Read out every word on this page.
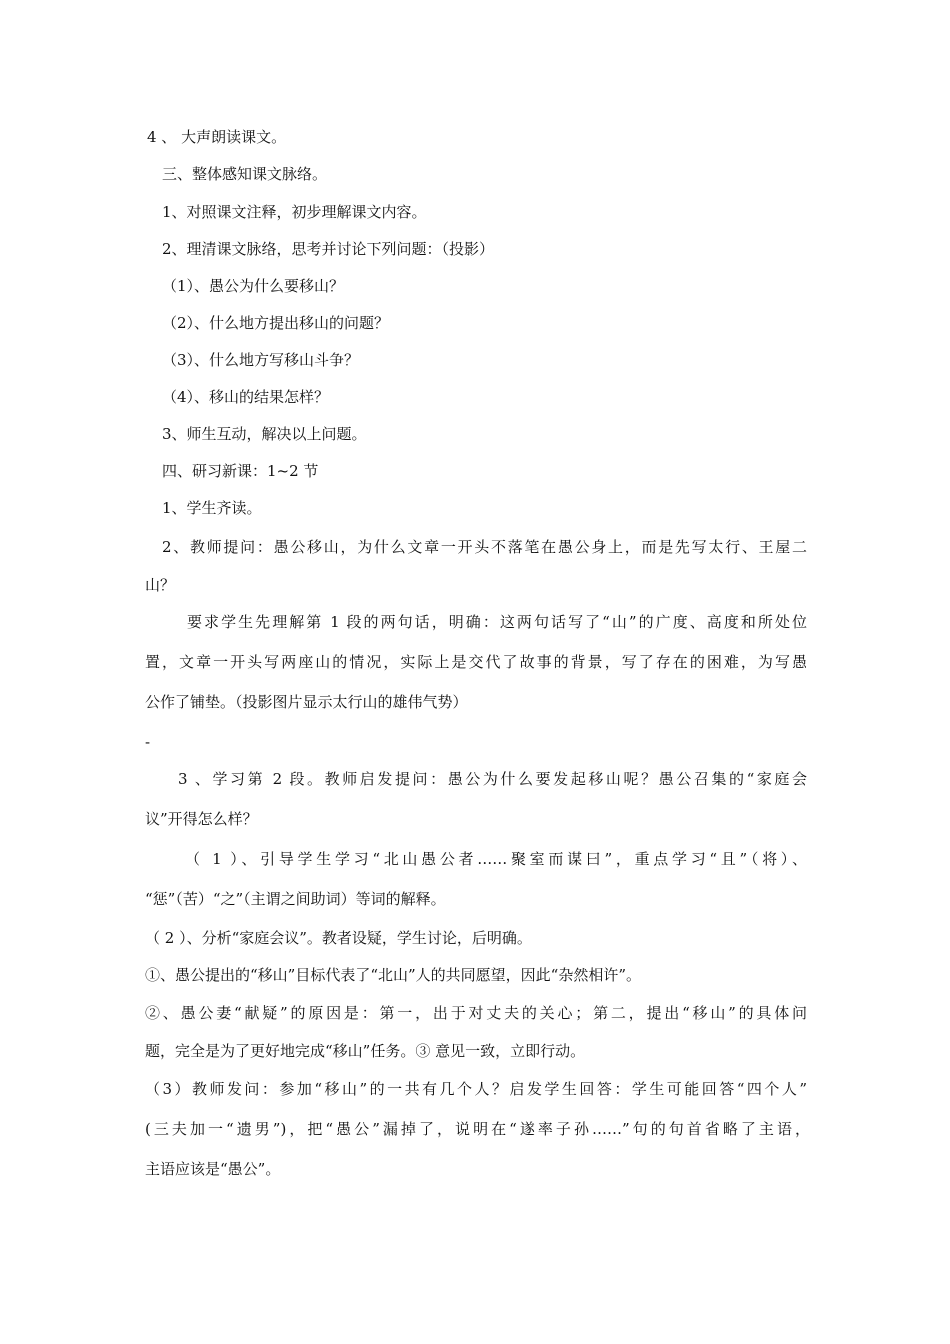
4 、 大声朗读课文。
三、整体感知课文脉络。
1、对照课文注释，初步理解课文内容。
2、理清课文脉络，思考并讨论下列问题：（投影）
（1）、愚公为什么要移山？
（2）、什么地方提出移山的问题？
（3）、什么地方写移山斗争？
（4）、移山的结果怎样？
3、师生互动，解决以上问题。
四、研习新课：1~2 节
1、学生齐读。
2、教师提问：愚公移山，为什么文章一开头不落笔在愚公身上，而是先写太行、王屋二
山？
要求学生先理解第 1 段的两句话，明确：这两句话写了“山”的广度、高度和所处位
置，文章一开头写两座山的情况，实际上是交代了故事的背景，写了存在的困难，为写愚
公作了铺垫。（投影图片显示太行山的雄伟气势）
-
3 、学习第 2 段。教师启发提问：愚公为什么要发起移山呢？愚公召集的“家庭会
议”开得怎么样？
（ 1 ）、引导学生学习“北山愚公者……聚室而谋曰”，重点学习“且”（将）、
“惩”（苦）“之”（主谓之间助词）等词的解释。
（ 2 ）、分析“家庭会议”。教者设疑，学生讨论，后明确。
①、愚公提出的“移山”目标代表了“北山”人的共同愿望，因此“杂然相许”。
②、愚公妻“献疑”的原因是：第一，出于对丈夫的关心；第二，提出“移山”的具体问
题，完全是为了更好地完成“移山”任务。③ 意见一致，立即行动。
（3）教师发问：参加“移山”的一共有几个人？启发学生回答：学生可能回答“四个人”
(三夫加一“遗男”)，把“愚公”漏掉了，说明在“遂率子孙……”句的句首省略了主语，
主语应该是“愚公”。
